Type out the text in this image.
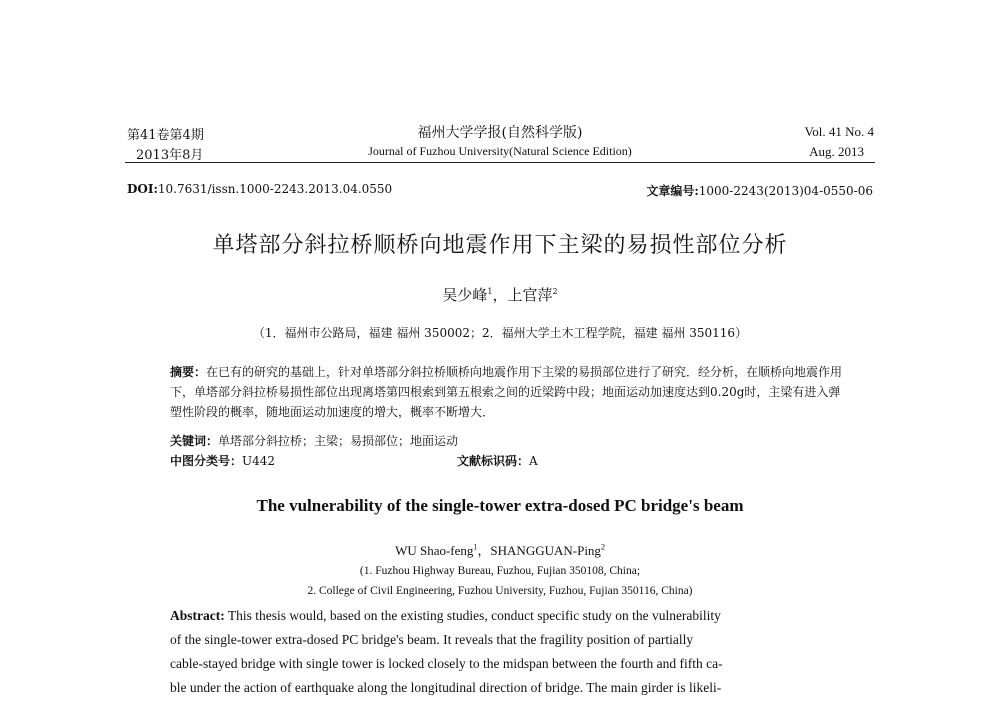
第41卷第4期
2013年8月
福州大学学报(自然科学版)
Journal of Fuzhou University(Natural Science Edition)
Vol. 41 No. 4
Aug. 2013
DOI:10.7631/issn.1000-2243.2013.04.0550	文章编号:1000-2243(2013)04-0550-06
单塔部分斜拉桥顺桥向地震作用下主梁的易损性部位分析
吴少峰$^1$，上官萍$^2$
（1．福州市公路局，福建 福州 350002；2．福州大学土木工程学院，福建 福州 350116）
摘要：在已有的研究的基础上，针对单塔部分斜拉桥顺桥向地震作用下主梁的易损部位进行了研究．经分析，在顺桥向地震作用下，单塔部分斜拉桥易损性部位出现离塔第四根索到第五根索之间的近梁跨中段；地面运动加速度达到0.20g时，主梁有进入弹塑性阶段的概率，随地面运动加速度的增大，概率不断增大．
关键词：单塔部分斜拉桥；主梁；易损部位；地面运动
中图分类号：U442	文献标识码：A
The vulnerability of the single-tower extra-dosed PC bridge's beam
WU Shao-feng$^1$，SHANGGUAN-Ping$^2$
(1. Fuzhou Highway Bureau, Fuzhou, Fujian 350108, China;
2. College of Civil Engineering, Fuzhou University, Fuzhou, Fujian 350116, China)
Abstract: This thesis would, based on the existing studies, conduct specific study on the vulnerability
of the single-tower extra-dosed PC bridge's beam. It reveals that the fragility position of partially
cable-stayed bridge with single tower is locked closely to the midspan between the fourth and fifth ca-
ble under the action of earthquake along the longitudinal direction of bridge. The main girder is likeli-
